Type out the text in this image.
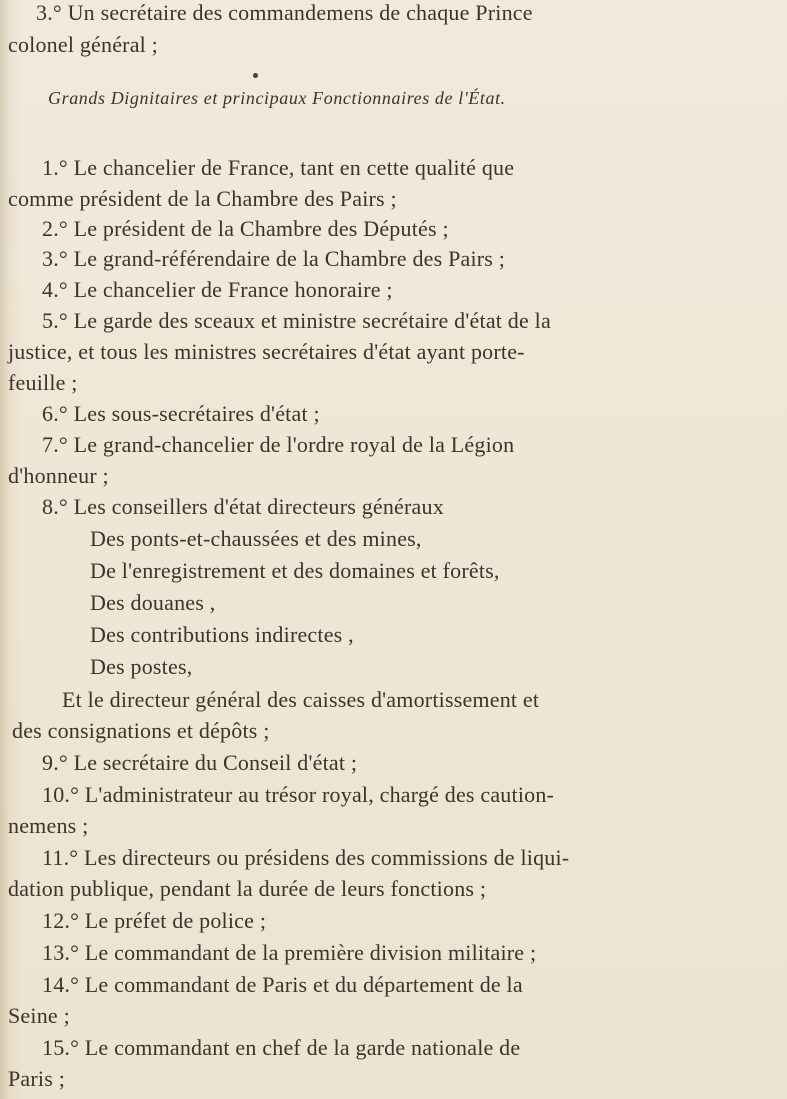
3.° Un secrétaire des commandemens de chaque Prince
colonel général ;
Grands Dignitaires et principaux Fonctionnaires de l'État.
1.° Le chancelier de France, tant en cette qualité que
comme président de la Chambre des Pairs ;
2.° Le président de la Chambre des Députés ;
3.° Le grand-référendaire de la Chambre des Pairs ;
4.° Le chancelier de France honoraire ;
5.° Le garde des sceaux et ministre secrétaire d'état de la
justice, et tous les ministres secrétaires d'état ayant porte-
feuille ;
6.° Les sous-secrétaires d'état ;
7.° Le grand-chancelier de l'ordre royal de la Légion
d'honneur ;
8.° Les conseillers d'état directeurs généraux
Des ponts-et-chaussées et des mines,
De l'enregistrement et des domaines et forêts,
Des douanes ,
Des contributions indirectes ,
Des postes,
Et le directeur général des caisses d'amortissement et
des consignations et dépôts ;
9.° Le secrétaire du Conseil d'état ;
10.° L'administrateur au trésor royal, chargé des caution-
nemens ;
11.° Les directeurs ou présidens des commissions de liqui-
dation publique, pendant la durée de leurs fonctions ;
12.° Le préfet de police ;
13.° Le commandant de la première division militaire ;
14.° Le commandant de Paris et du département de la
Seine ;
15.° Le commandant en chef de la garde nationale de
Paris ;
